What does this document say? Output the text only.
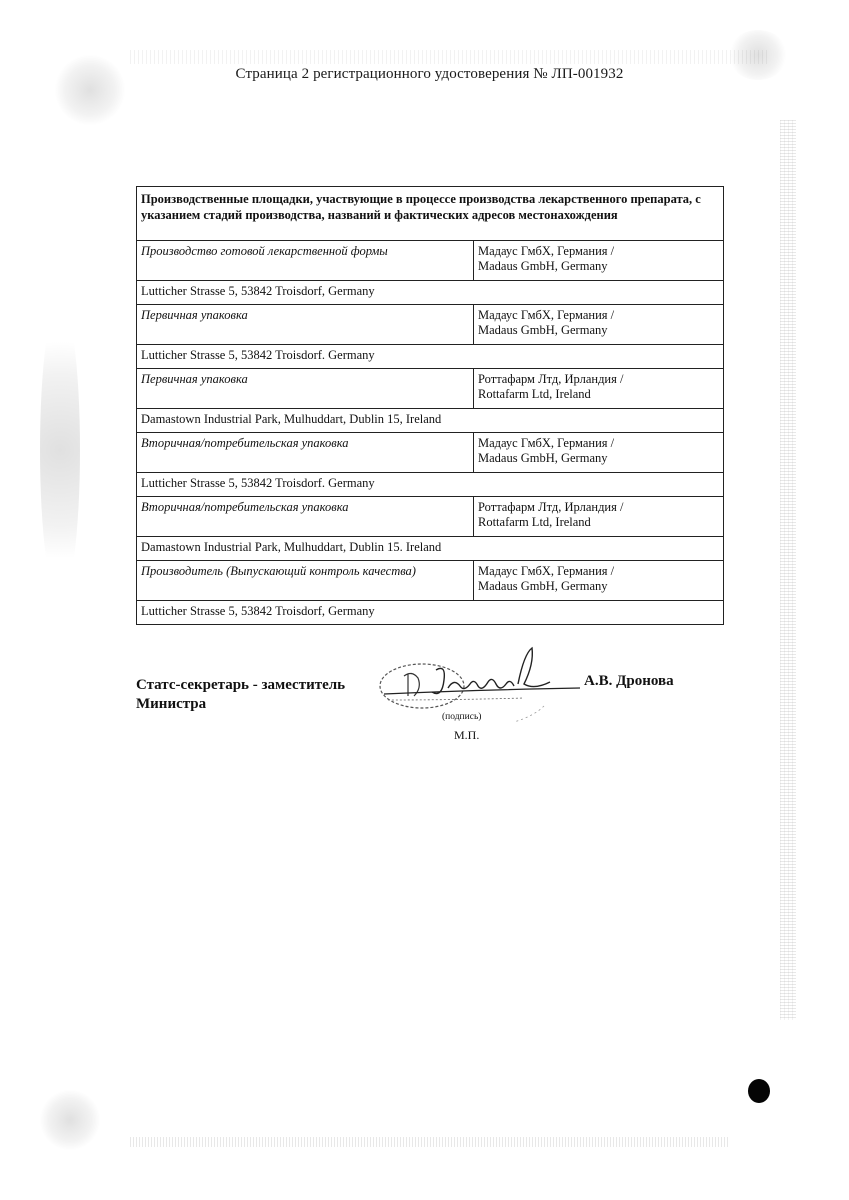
Страница 2 регистрационного удостоверения № ЛП-001932
Производственные площадки, участвующие в процессе производства лекарственного препарата, с указанием стадий производства, названий и фактических адресов местонахождения	
Производство готовой лекарственной формы	Мадаус ГмбХ, Германия /
Madaus GmbH, Germany

Lutticher Strasse 5, 53842 Troisdorf, Germany	
Первичная упаковка	Мадаус ГмбХ, Германия /
Madaus GmbH, Germany

Lutticher Strasse 5, 53842 Troisdorf. Germany	
Первичная упаковка	Роттафарм Лтд, Ирландия /
Rottafarm Ltd, Ireland

Damastown Industrial Park, Mulhuddart, Dublin 15, Ireland	
Вторичная/потребительская упаковка	Мадаус ГмбХ, Германия /
Madaus GmbH, Germany

Lutticher Strasse 5, 53842 Troisdorf. Germany	
Вторичная/потребительская упаковка	Роттафарм Лтд, Ирландия /
Rottafarm Ltd, Ireland

Damastown Industrial Park, Mulhuddart, Dublin 15. Ireland	
Производитель (Выпускающий контроль качества)	Мадаус ГмбХ, Германия /
Madaus GmbH, Germany

Lutticher Strasse 5, 53842 Troisdorf, Germany	
Статс-секретарь - заместитель
Министра
А.В. Дронова
(подпись)
М.П.
